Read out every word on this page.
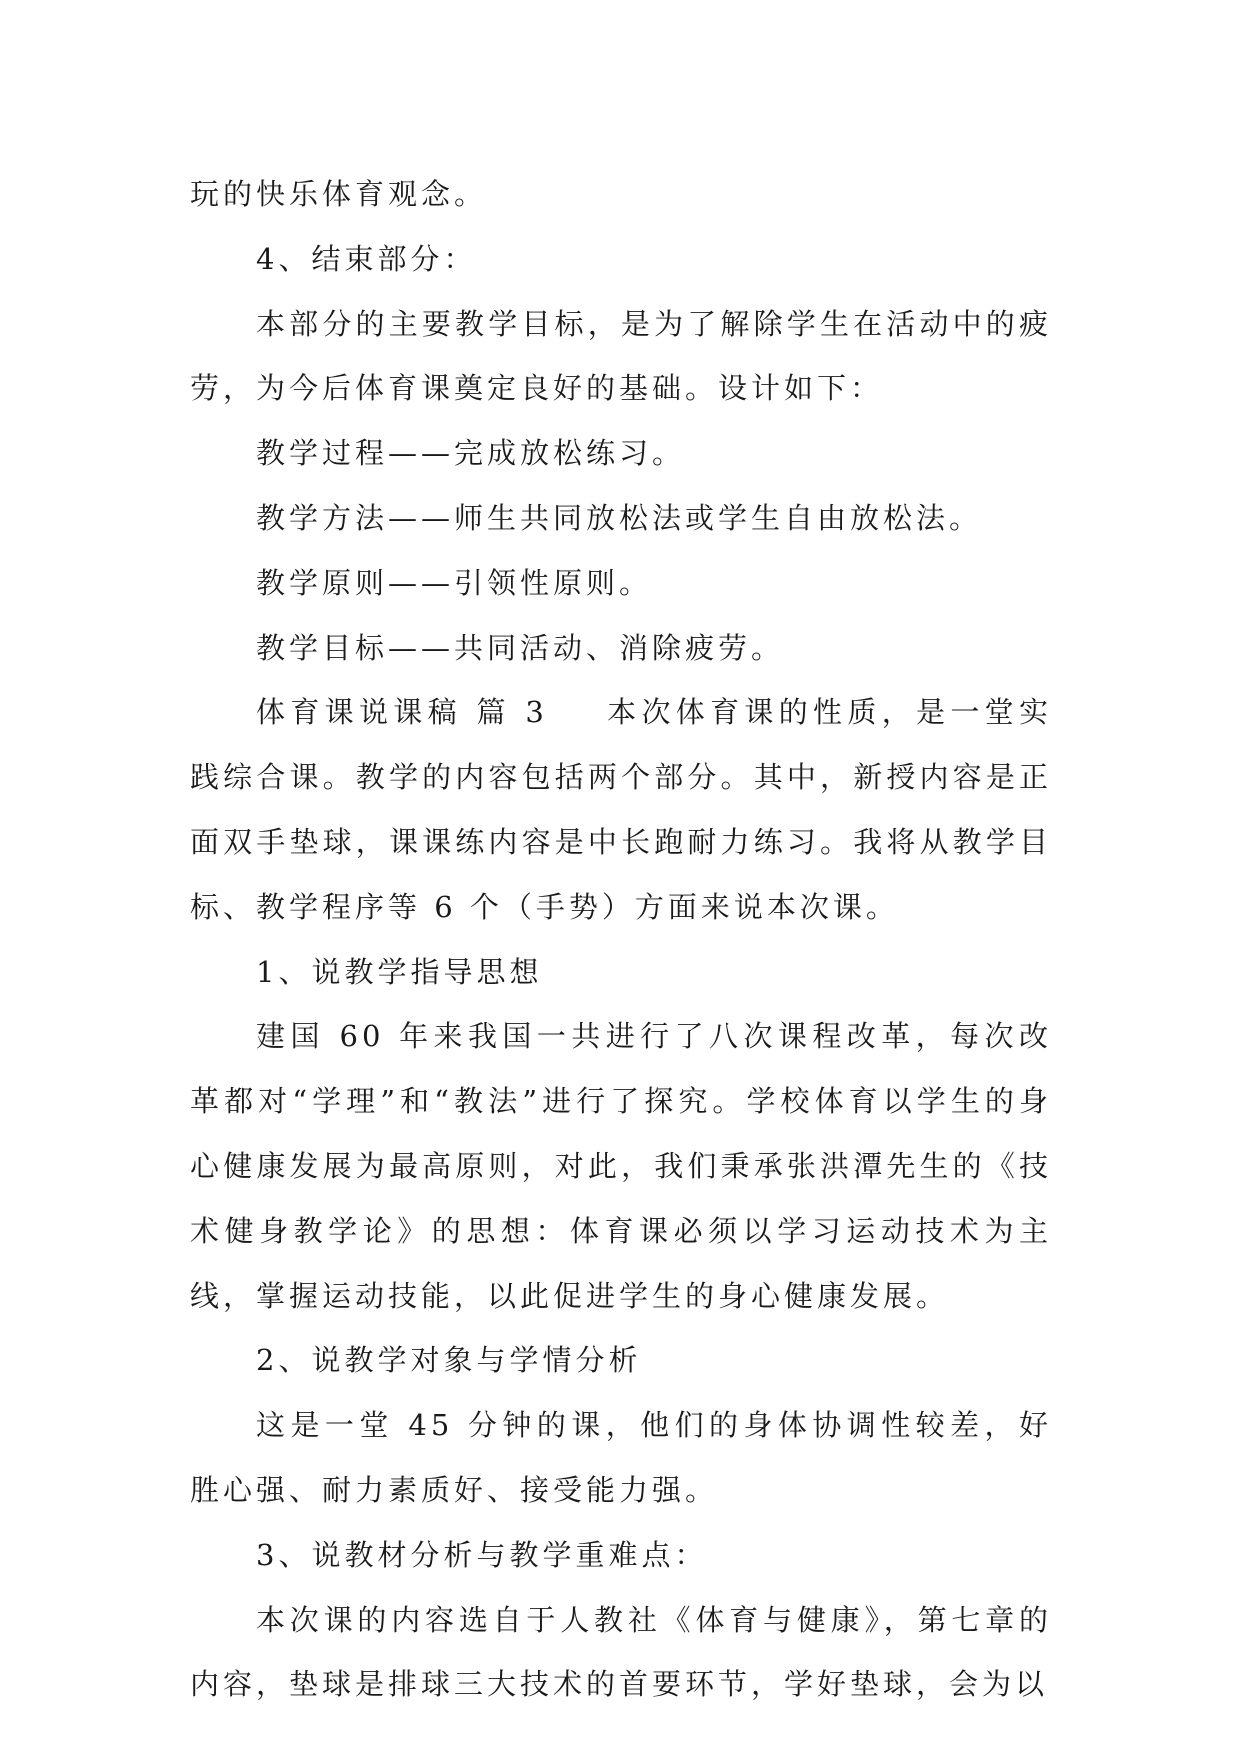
玩的快乐体育观念。

4、结束部分：

本部分的主要教学目标，是为了解除学生在活动中的疲劳，为今后体育课奠定良好的基础。设计如下：

教学过程——完成放松练习。

教学方法——师生共同放松法或学生自由放松法。

教学原则——引领性原则。

教学目标——共同活动、消除疲劳。

体育课说课稿 篇 3 本次体育课的性质，是一堂实践综合课。教学的内容包括两个部分。其中，新授内容是正面双手垫球，课课练内容是中长跑耐力练习。我将从教学目标、教学程序等 6 个（手势）方面来说本次课。

1、说教学指导思想

建国 60 年来我国一共进行了八次课程改革，每次改革都对“学理”和“教法”进行了探究。学校体育以学生的身心健康发展为最高原则，对此，我们秉承张洪潭先生的《技术健身教学论》的思想：体育课必须以学习运动技术为主线，掌握运动技能，以此促进学生的身心健康发展。

2、说教学对象与学情分析

这是一堂 45 分钟的课，他们的身体协调性较差，好胜心强、耐力素质好、接受能力强。

3、说教材分析与教学重难点：

本次课的内容选自于人教社《体育与健康》，第七章的内容，垫球是排球三大技术的首要环节，学好垫球，会为以
